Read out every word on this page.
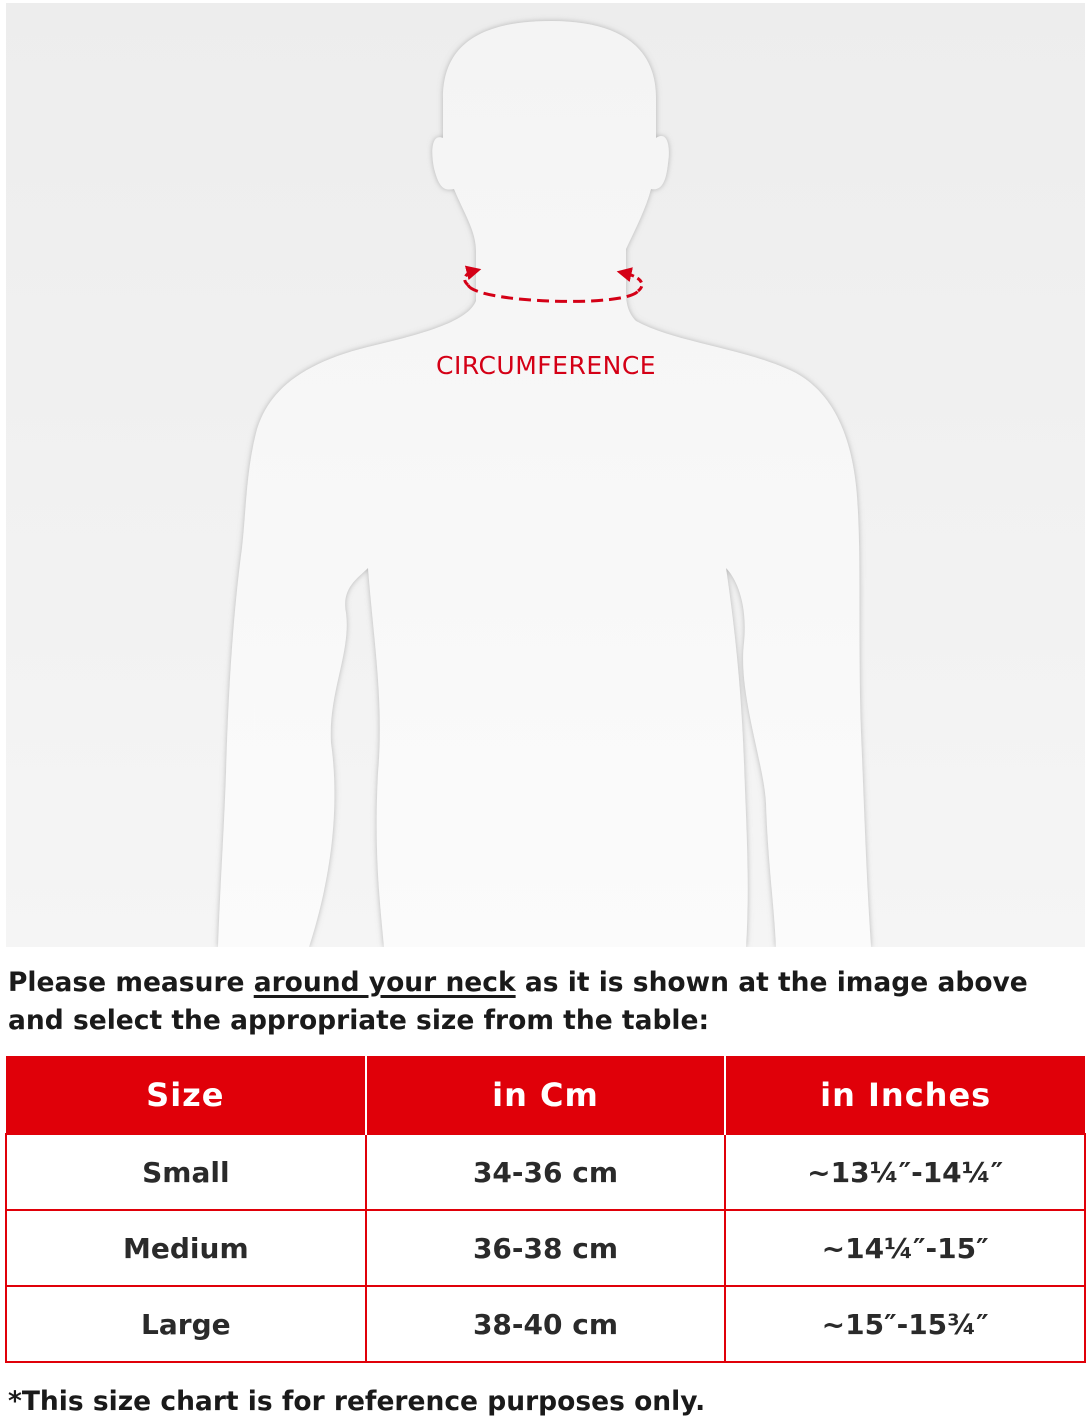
CIRCUMFERENCE
Please measure around your neck as it is shown at the image above and select the appropriate size from the table:
Size	in Cm	in Inches
Small	34-36 cm	~13¼″-14¼″
Medium	36-38 cm	~14¼″-15″
Large	38-40 cm	~15″-15¾″
*This size chart is for reference purposes only.
